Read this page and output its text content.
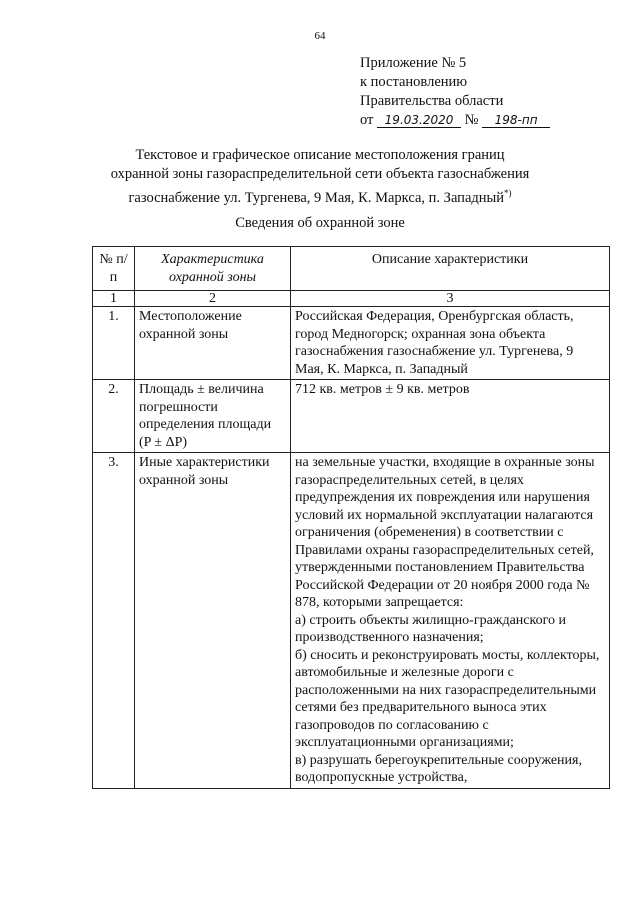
64
Приложение № 5
к постановлению
Правительства области
от 19.03.2020 № 198-пп
Текстовое и графическое описание местоположения границ
охранной зоны газораспределительной сети объекта газоснабжения
газоснабжение ул. Тургенева, 9 Мая, К. Маркса, п. Западный*)
Сведения об охранной зоне
№ п/п	Характеристика охранной зоны	Описание характеристики
1	2	3
1.	Местоположение охранной зоны	Российская Федерация, Оренбургская область, город Медногорск; охранная зона объекта газоснабжения газоснабжение ул. Тургенева, 9 Мая, К. Маркса, п. Западный
2.	Площадь ± величина погрешности определения площади (P ± ΔP)	712 кв. метров ± 9 кв. метров
3.	Иные характеристики охранной зоны	на земельные участки, входящие в охранные зоны газораспределительных сетей, в целях предупреждения их повреждения или нарушения условий их нормальной эксплуатации налагаются ограничения (обременения) в соответствии с Правилами охраны газораспределительных сетей, утвержденными постановлением Правительства Российской Федерации от 20 ноября 2000 года № 878, которыми запрещается:
а) строить объекты жилищно-гражданского и производственного назначения;
б) сносить и реконструировать мосты, коллекторы, автомобильные и железные дороги с расположенными на них газораспределительными сетями без предварительного выноса этих газопроводов по согласованию с эксплуатационными организациями;
в) разрушать берегоукрепительные сооружения, водопропускные устройства,
